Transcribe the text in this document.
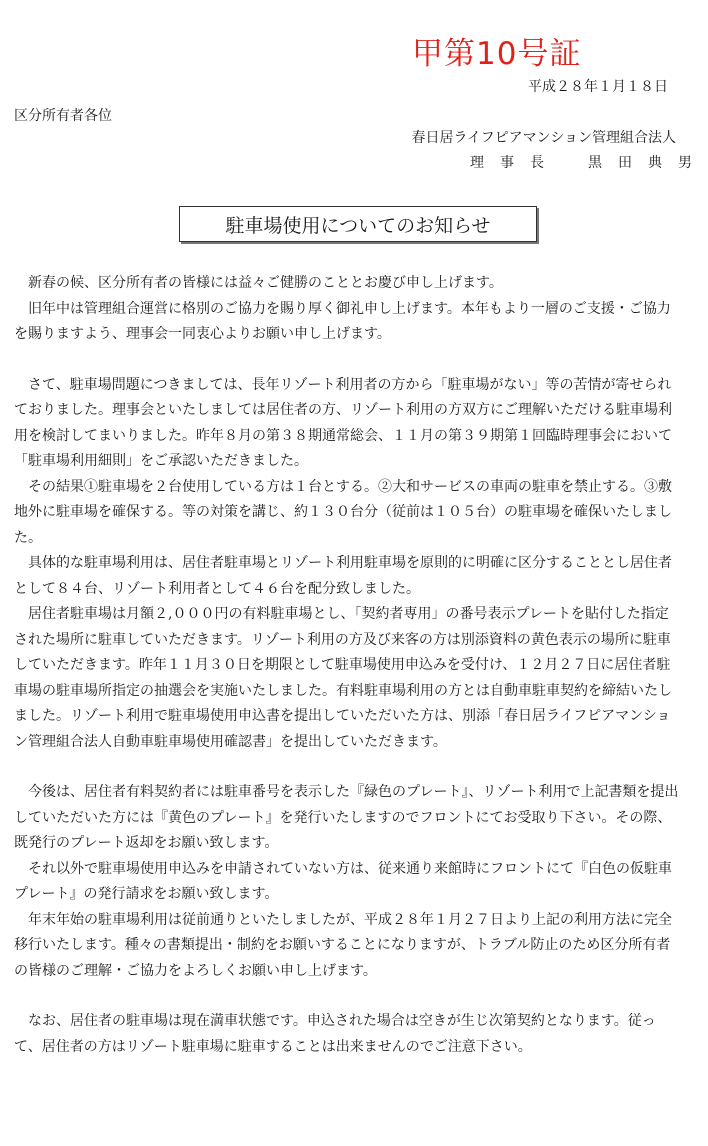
甲第10号証
平成２８年１月１８日
区分所有者各位
春日居ライフピアマンション管理組合法人
理事長 黒田典男
駐車場使用についてのお知らせ

新春の候、区分所有者の皆様には益々ご健勝のこととお慶び申し上げます。

旧年中は管理組合運営に格別のご協力を賜り厚く御礼申し上げます。本年もより一層のご支援・ご協力を賜りますよう、理事会一同衷心よりお願い申し上げます。

さて、駐車場問題につきましては、長年リゾート利用者の方から「駐車場がない」等の苦情が寄せられておりました。理事会といたしましては居住者の方、リゾート利用の方双方にご理解いただける駐車場利用を検討してまいりました。昨年８月の第３８期通常総会、１１月の第３９期第１回臨時理事会において「駐車場利用細則」をご承認いただきました。

その結果①駐車場を２台使用している方は１台とする。②大和サービスの車両の駐車を禁止する。③敷地外に駐車場を確保する。等の対策を講じ、約１３０台分（従前は１０５台）の駐車場を確保いたしました。

具体的な駐車場利用は、居住者駐車場とリゾート利用駐車場を原則的に明確に区分することとし居住者として８４台、リゾート利用者として４６台を配分致しました。

居住者駐車場は月額２,０００円の有料駐車場とし、「契約者専用」の番号表示プレートを貼付した指定された場所に駐車していただきます。リゾート利用の方及び来客の方は別添資料の黄色表示の場所に駐車していただきます。昨年１１月３０日を期限として駐車場使用申込みを受付け、１２月２７日に居住者駐車場の駐車場所指定の抽選会を実施いたしました。有料駐車場利用の方とは自動車駐車契約を締結いたしました。リゾート利用で駐車場使用申込書を提出していただいた方は、別添「春日居ライフピアマンション管理組合法人自動車駐車場使用確認書」を提出していただきます。

今後は、居住者有料契約者には駐車番号を表示した『緑色のプレート』、リゾート利用で上記書類を提出していただいた方には『黄色のプレート』を発行いたしますのでフロントにてお受取り下さい。その際、既発行のプレート返却をお願い致します。

それ以外で駐車場使用申込みを申請されていない方は、従来通り来館時にフロントにて『白色の仮駐車プレート』の発行請求をお願い致します。

年末年始の駐車場利用は従前通りといたしましたが、平成２８年１月２７日より上記の利用方法に完全移行いたします。種々の書類提出・制約をお願いすることになりますが、トラブル防止のため区分所有者の皆様のご理解・ご協力をよろしくお願い申し上げます。

なお、居住者の駐車場は現在満車状態です。申込された場合は空きが生じ次第契約となります。従って、居住者の方はリゾート駐車場に駐車することは出来ませんのでご注意下さい。
